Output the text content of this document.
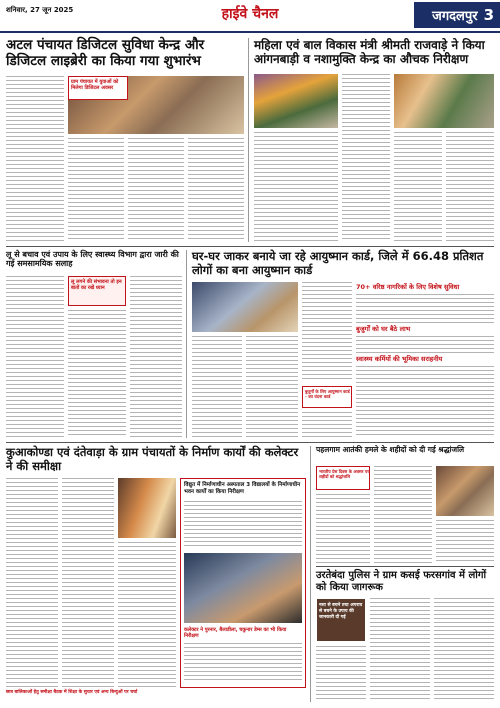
शनिवार, 27 जून 2025	हाईवे चैनल	जगदलपुर 3
अटल पंचायत डिजिटल सुविधा केन्द्र और डिजिटल लाइब्रेरी का किया गया शुभारंभ
ग्राम पंचायत में युवाओं को मिलेगा डिजिटल अवसर
महिला एवं बाल विकास मंत्री श्रीमती राजवाड़े ने किया आंगनबाड़ी व नशामुक्ति केन्द्र का औचक निरीक्षण
लू से बचाव एवं उपाय के लिए स्वास्थ्य विभाग द्वारा जारी की गई समसामयिक सलाह
लू लगने की संभावना तो इन बातों का रखें ध्यान
घर-घर जाकर बनाये जा रहे आयुष्मान कार्ड, जिले में 66.48 प्रतिशत लोगों का बना आयुष्मान कार्ड
बुजुर्गों के लिए आयुष्मान कार्ड - वय वंदना कार्ड
70+ वरिष्ठ नागरिकों के लिए विशेष सुविधा
बुजुर्गों को घर बैठे लाभ
स्वास्थ्य कर्मियों की भूमिका सराहनीय
कुआकोण्डा एवं दंतेवाड़ा के ग्राम पंचायतों के निर्माण कार्यों की कलेक्टर ने की समीक्षा
विद्युत में निर्माणाधीन अस्पताल 3 विद्यालयों के निर्माणाधीन भवन कार्यों का किया निरीक्षण
कलेक्टर ने पुरनार, बैलाडीला, चकुनार डेम्स का भी किया निरीक्षण
छात्र बालिकाओं हेतु समीक्षा बैठक में शिक्षा के सुधार एवं अन्य बिन्दुओं पर चर्चा
पहलगाम आतंकी हमले के शहीदों को दी गई श्रद्धांजलि
भारतीय प्रेस दिवस के अवसर पर शहीदों को श्रद्धांजलि
उरतेबंदा पुलिस ने ग्राम कसई फरसगांव में लोगों को किया जागरूक
नशा से बचने तथा अपराध से बचने के उपाय की जानकारी दी गई
